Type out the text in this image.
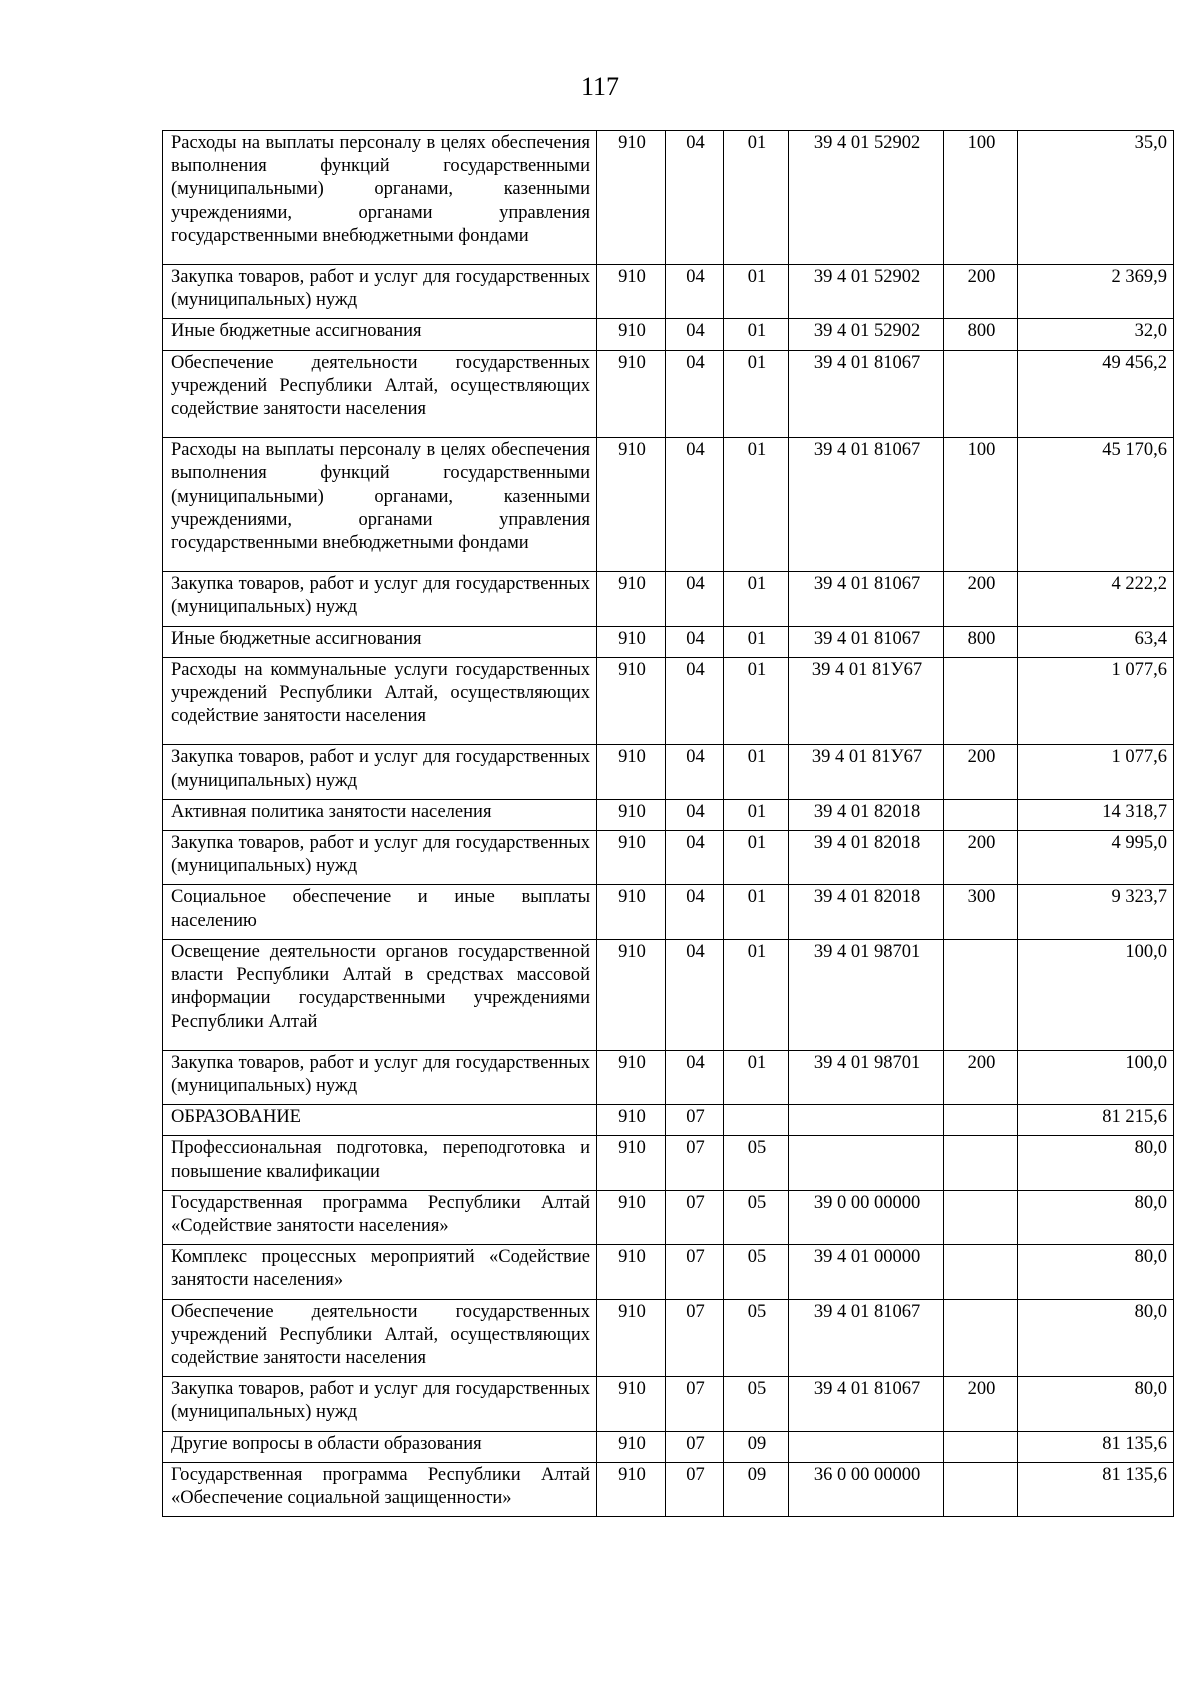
117
Расходы на выплаты персоналу в целях обеспечения выполнения функций государственными (муниципальными) органами, казенными учреждениями, органами управления государственными внебюджетными фондами	910	04	01	39 4 01 52902	100	35,0
Закупка товаров, работ и услуг для государственных (муниципальных) нужд	910	04	01	39 4 01 52902	200	2 369,9
Иные бюджетные ассигнования	910	04	01	39 4 01 52902	800	32,0
Обеспечение деятельности государственных учреждений Республики Алтай, осуществляющих содействие занятости населения	910	04	01	39 4 01 81067		49 456,2
Расходы на выплаты персоналу в целях обеспечения выполнения функций государственными (муниципальными) органами, казенными учреждениями, органами управления государственными внебюджетными фондами	910	04	01	39 4 01 81067	100	45 170,6
Закупка товаров, работ и услуг для государственных (муниципальных) нужд	910	04	01	39 4 01 81067	200	4 222,2
Иные бюджетные ассигнования	910	04	01	39 4 01 81067	800	63,4
Расходы на коммунальные услуги государственных учреждений Республики Алтай, осуществляющих содействие занятости населения	910	04	01	39 4 01 81У67		1 077,6
Закупка товаров, работ и услуг для государственных (муниципальных) нужд	910	04	01	39 4 01 81У67	200	1 077,6
Активная политика занятости населения	910	04	01	39 4 01 82018		14 318,7
Закупка товаров, работ и услуг для государственных (муниципальных) нужд	910	04	01	39 4 01 82018	200	4 995,0
Социальное обеспечение и иные выплаты населению	910	04	01	39 4 01 82018	300	9 323,7
Освещение деятельности органов государственной власти Республики Алтай в средствах массовой информации государственными учреждениями Республики Алтай	910	04	01	39 4 01 98701		100,0
Закупка товаров, работ и услуг для государственных (муниципальных) нужд	910	04	01	39 4 01 98701	200	100,0
ОБРАЗОВАНИЕ	910	07				81 215,6
Профессиональная подготовка, переподготовка и повышение квалификации	910	07	05			80,0
Государственная программа Республики Алтай «Содействие занятости населения»	910	07	05	39 0 00 00000		80,0
Комплекс процессных мероприятий «Содействие занятости населения»	910	07	05	39 4 01 00000		80,0
Обеспечение деятельности государственных учреждений Республики Алтай, осуществляющих содействие занятости населения	910	07	05	39 4 01 81067		80,0
Закупка товаров, работ и услуг для государственных (муниципальных) нужд	910	07	05	39 4 01 81067	200	80,0
Другие вопросы в области образования	910	07	09			81 135,6
Государственная программа Республики Алтай «Обеспечение социальной защищенности»	910	07	09	36 0 00 00000		81 135,6
